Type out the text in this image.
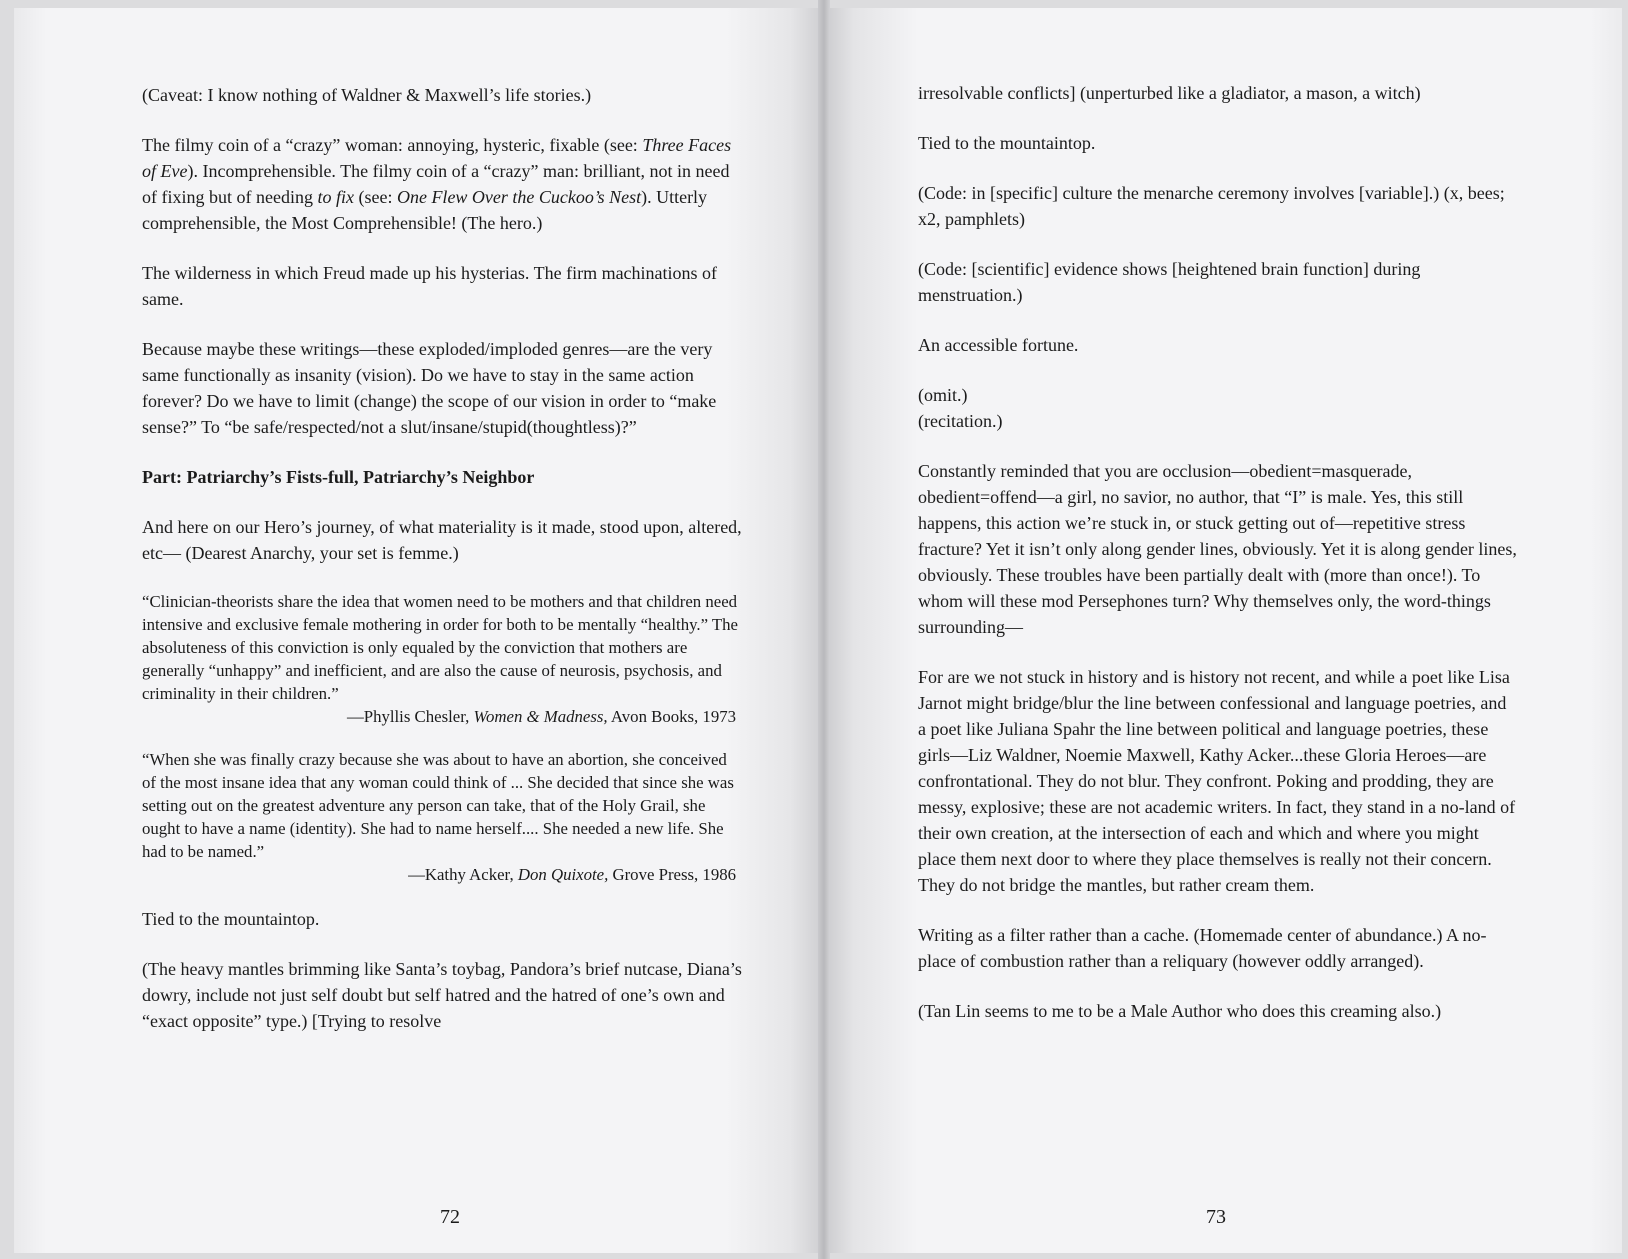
(Caveat: I know nothing of Waldner & Maxwell’s life stories.)

The filmy coin of a “crazy” woman: annoying, hysteric, fixable (see: Three Faces of Eve). Incomprehensible. The filmy coin of a “crazy” man: brilliant, not in need of fixing but of needing to fix (see: One Flew Over the Cuckoo’s Nest). Utterly comprehensible, the Most Comprehensible! (The hero.)

The wilderness in which Freud made up his hysterias. The firm machinations of same.

Because maybe these writings—these exploded/imploded genres—are the very same functionally as insanity (vision). Do we have to stay in the same action forever? Do we have to limit (change) the scope of our vision in order to “make sense?” To “be safe/respected/not a slut/insane/stupid(thoughtless)?”

Part: Patriarchy’s Fists-full, Patriarchy’s Neighbor

And here on our Hero’s journey, of what materiality is it made, stood upon, altered, etc— (Dearest Anarchy, your set is femme.)

“Clinician-theorists share the idea that women need to be mothers and that children need intensive and exclusive female mothering in order for both to be mentally “healthy.” The absoluteness of this conviction is only equaled by the conviction that mothers are generally “unhappy” and inefficient, and are also the cause of neurosis, psychosis, and criminality in their children.”
—Phyllis Chesler, Women & Madness, Avon Books, 1973

“When she was finally crazy because she was about to have an abortion, she conceived of the most insane idea that any woman could think of ... She decided that since she was setting out on the greatest adventure any person can take, that of the Holy Grail, she ought to have a name (identity). She had to name herself.... She needed a new life. She had to be named.”
—Kathy Acker, Don Quixote, Grove Press, 1986

Tied to the mountaintop.

(The heavy mantles brimming like Santa’s toybag, Pandora’s brief nutcase, Diana’s dowry, include not just self doubt but self hatred and the hatred of one’s own and “exact opposite” type.) [Trying to resolve

72

irresolvable conflicts] (unperturbed like a gladiator, a mason, a witch)

Tied to the mountaintop.

(Code: in [specific] culture the menarche ceremony involves [variable].) (x, bees; x2, pamphlets)

(Code: [scientific] evidence shows [heightened brain function] during menstruation.)

An accessible fortune.

(omit.)

(recitation.)

Constantly reminded that you are occlusion—obedient=masquerade, obedient=offend—a girl, no savior, no author, that “I” is male. Yes, this still happens, this action we’re stuck in, or stuck getting out of—repetitive stress fracture? Yet it isn’t only along gender lines, obviously. Yet it is along gender lines, obviously. These troubles have been partially dealt with (more than once!). To whom will these mod Persephones turn? Why themselves only, the word-things surrounding—

For are we not stuck in history and is history not recent, and while a poet like Lisa Jarnot might bridge/blur the line between confessional and language poetries, and a poet like Juliana Spahr the line between political and language poetries, these girls—Liz Waldner, Noemie Maxwell, Kathy Acker...these Gloria Heroes—are confrontational. They do not blur. They confront. Poking and prodding, they are messy, explosive; these are not academic writers. In fact, they stand in a no-land of their own creation, at the intersection of each and which and where you might place them next door to where they place themselves is really not their concern. They do not bridge the mantles, but rather cream them.

Writing as a filter rather than a cache. (Homemade center of abundance.) A no-place of combustion rather than a reliquary (however oddly arranged).

(Tan Lin seems to me to be a Male Author who does this creaming also.)

73
